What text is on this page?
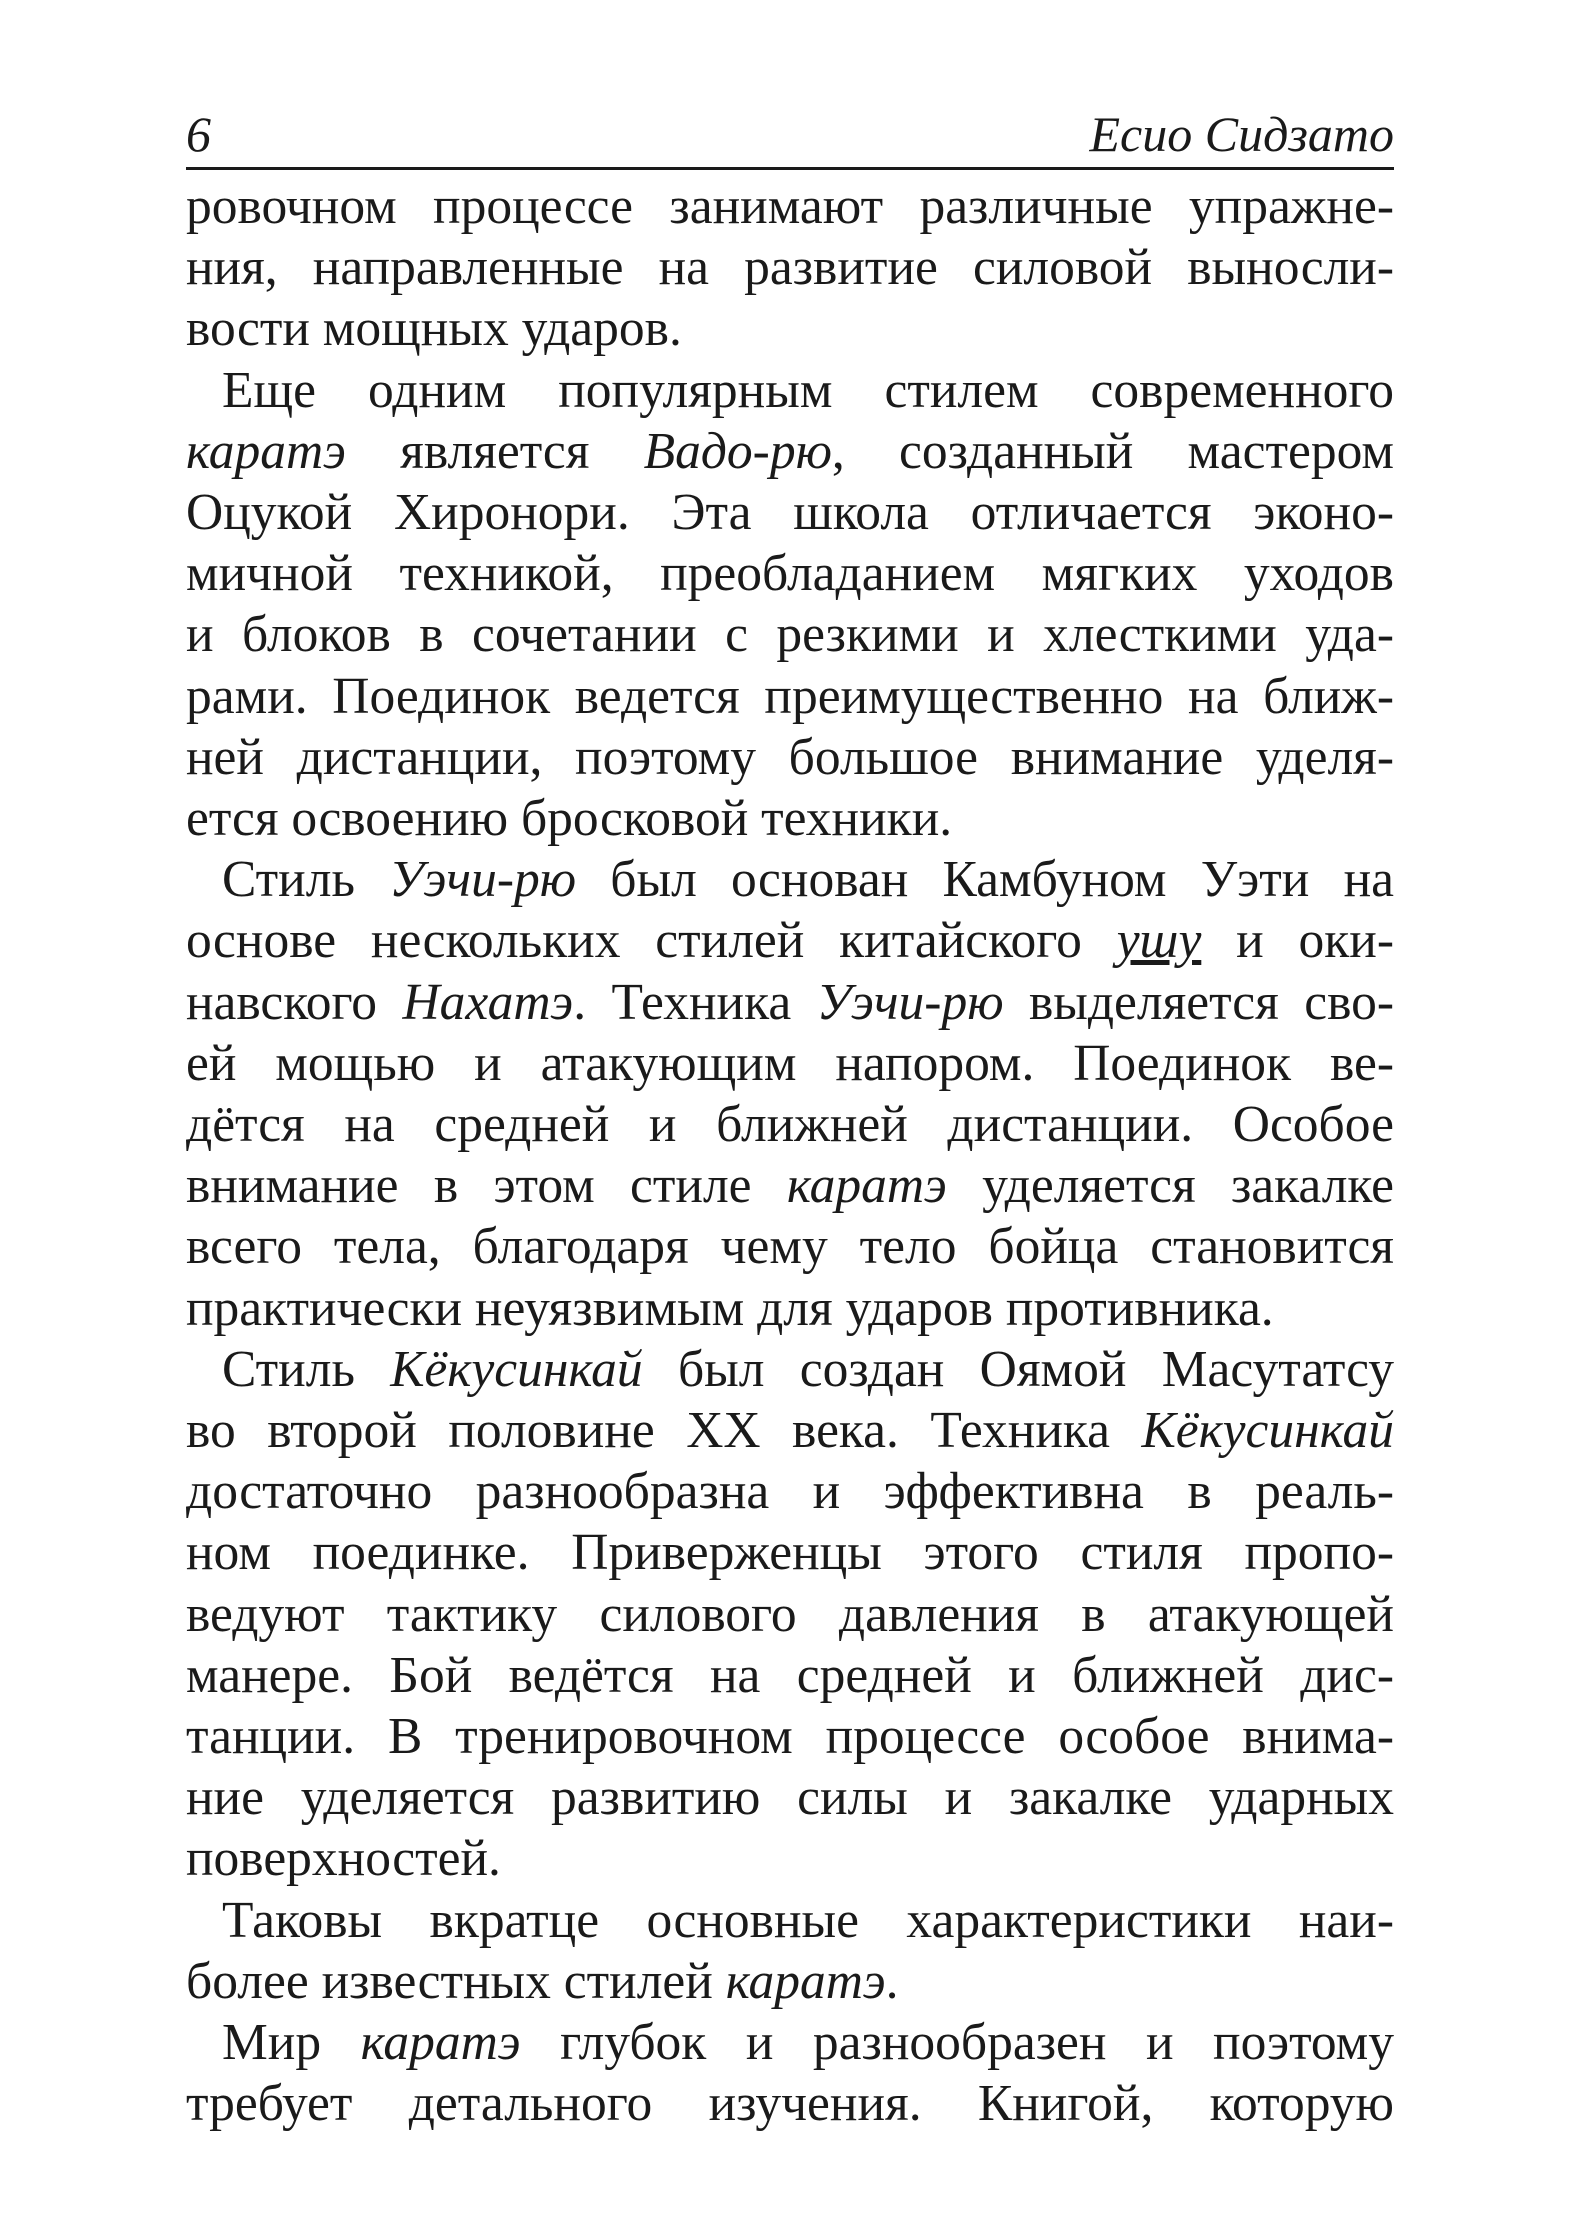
6	Есио Сидзато
ровочном процессе занимают различные упражне-
ния, направленные на развитие силовой выносли-
вости мощных ударов.
Еще одним популярным стилем современного
каратэ является Вадо-рю, созданный мастером
Оцукой Хиронори. Эта школа отличается эконо-
мичной техникой, преобладанием мягких уходов
и блоков в сочетании с резкими и хлесткими уда-
рами. Поединок ведется преимущественно на ближ-
ней дистанции, поэтому большое внимание уделя-
ется освоению бросковой техники.
Стиль Уэчи-рю был основан Камбуном Уэти на
основе нескольких стилей китайского ушу и оки-
навского Нахатэ. Техника Уэчи-рю выделяется сво-
ей мощью и атакующим напором. Поединок ве-
дётся на средней и ближней дистанции. Особое
внимание в этом стиле каратэ уделяется закалке
всего тела, благодаря чему тело бойца становится
практически неуязвимым для ударов противника.
Стиль Кёкусинкай был создан Оямой Масутатсу
во второй половине XX века. Техника Кёкусинкай
достаточно разнообразна и эффективна в реаль-
ном поединке. Приверженцы этого стиля пропо-
ведуют тактику силового давления в атакующей
манере. Бой ведётся на средней и ближней дис-
танции. В тренировочном процессе особое внима-
ние уделяется развитию силы и закалке ударных
поверхностей.
Таковы вкратце основные характеристики наи-
более известных стилей каратэ.
Мир каратэ глубок и разнообразен и поэтому
требует детального изучения. Книгой, которую
